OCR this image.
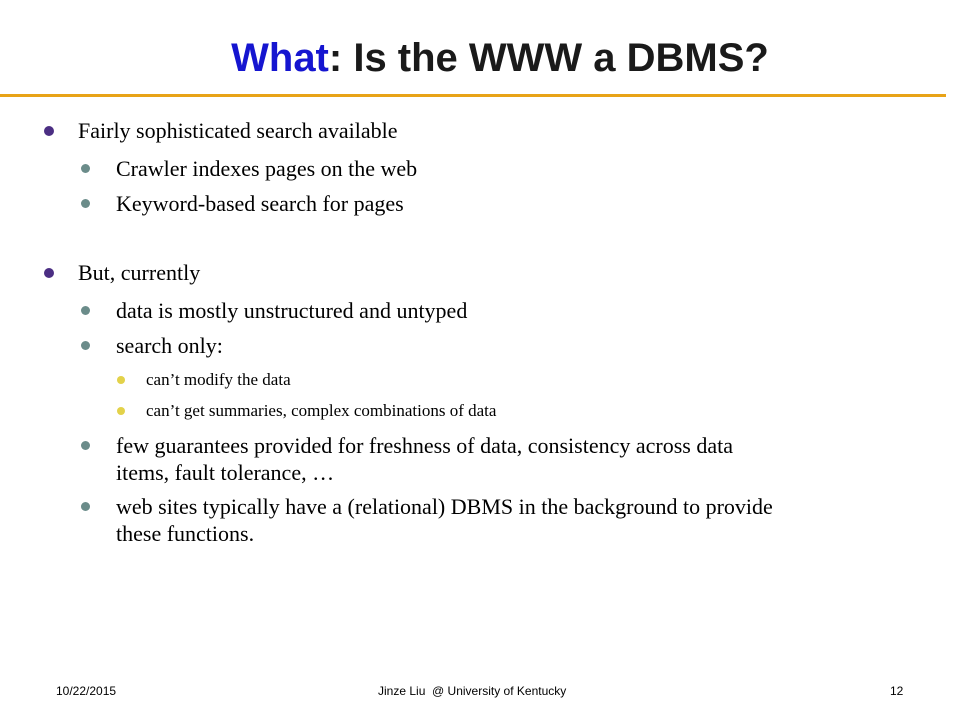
What: Is the WWW a DBMS?
Fairly sophisticated search available
Crawler indexes pages on the web
Keyword-based search for pages
But, currently
data is mostly unstructured and untyped
search only:
can’t modify the data
can’t get summaries, complex combinations of data
few guarantees provided for freshness of data, consistency across data
items, fault tolerance, …
web sites typically have a (relational) DBMS in the background to provide
these functions.
10/22/2015	Jinze Liu  @ University of Kentucky	12
